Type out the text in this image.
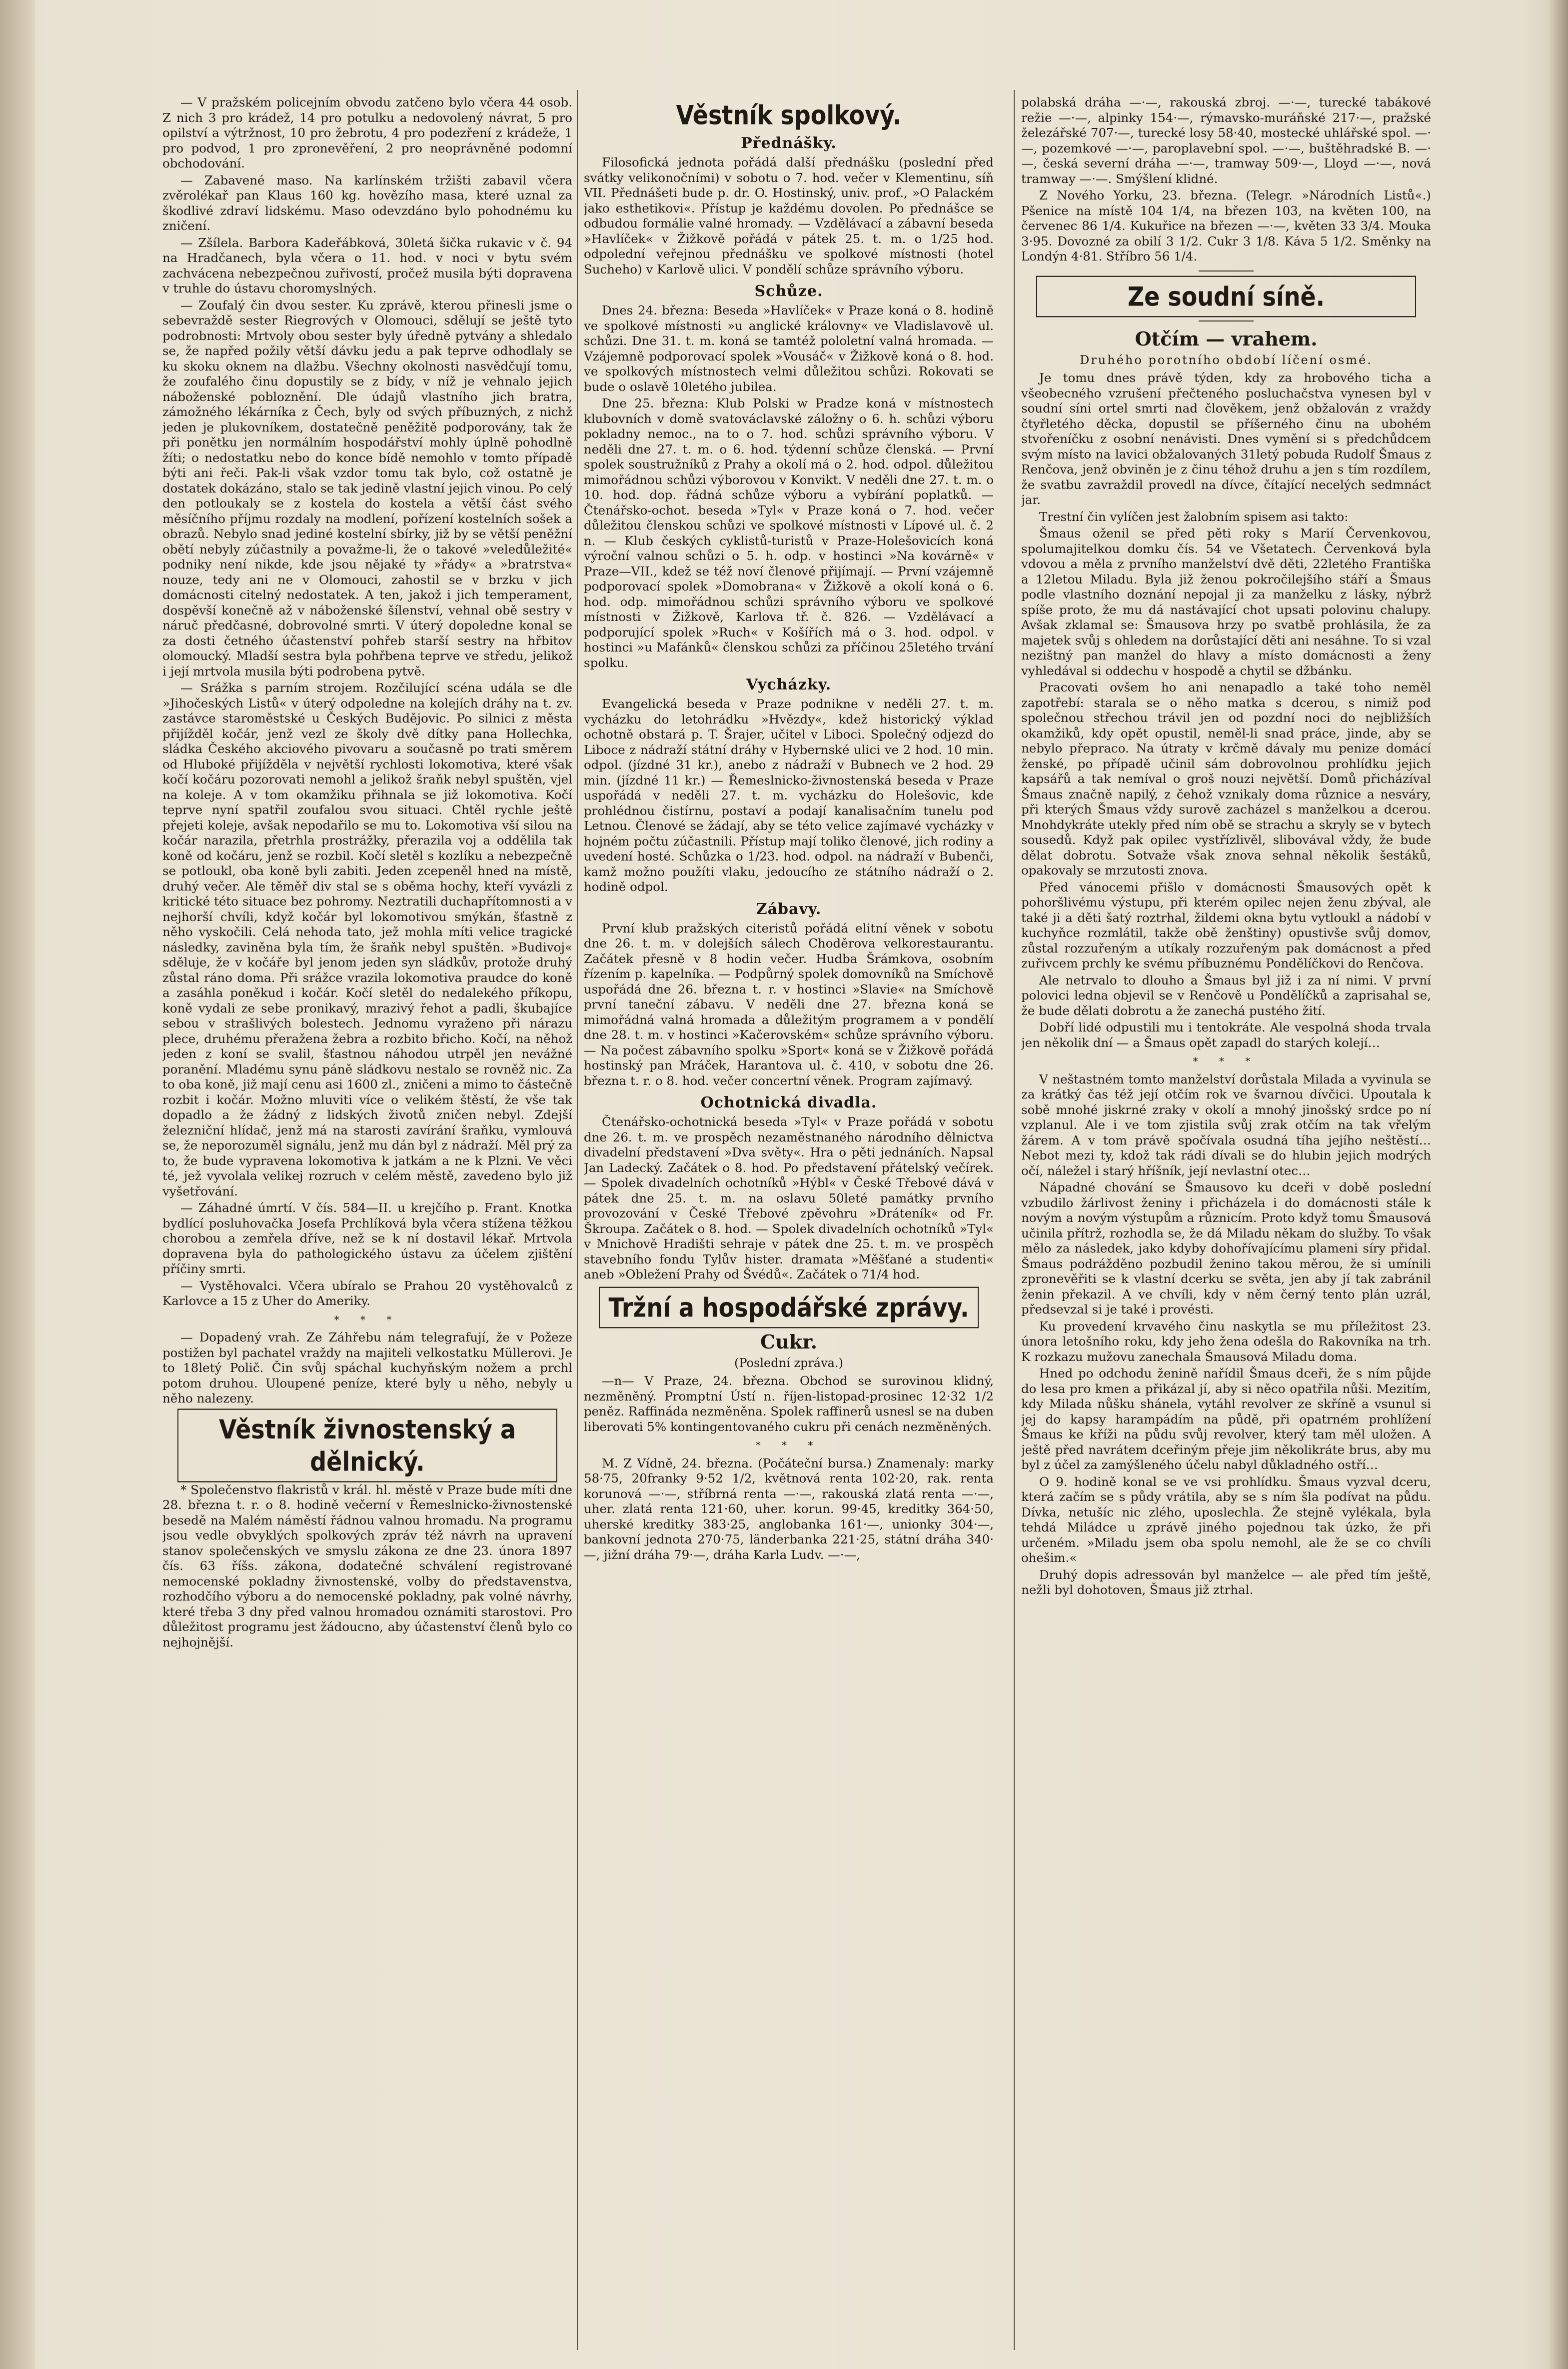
— V pražském policejním obvodu zatčeno bylo včera 44 osob. Z nich 3 pro krádež, 14 pro potulku a nedovolený návrat, 5 pro opilství a výtržnost, 10 pro žebrotu, 4 pro podezření z krádeže, 1 pro podvod, 1 pro zpronevěření, 2 pro neoprávněné podomní obchodování.

— Zabavené maso. Na karlínském tržišti zabavil včera zvěrolékař pan Klaus 160 kg. hovězího masa, které uznal za škodlivé zdraví lidskému. Maso odevzdáno bylo pohodnému ku zničení.

— Zšílela. Barbora Kadeřábková, 30letá šička rukavic v č. 94 na Hradčanech, byla včera o 11. hod. v noci v bytu svém zachvácena nebezpečnou zuřivostí, pročež musila býti dopravena v truhle do ústavu choromyslných.

— Zoufalý čin dvou sester. Ku zprávě, kterou přinesli jsme o sebevraždě sester Riegrových v Olomouci, sdělují se ještě tyto podrobnosti: Mrtvoly obou sester byly úředně pytvány a shledalo se, že napřed požily větší dávku jedu a pak teprve odhodlaly se ku skoku oknem na dlažbu. Všechny okolnosti nasvědčují tomu, že zoufalého činu dopustily se z bídy, v níž je vehnalo jejich náboženské pobloznění. Dle údajů vlastního jich bratra, zámožného lékárníka z Čech, byly od svých příbuzných, z nichž jeden je plukovníkem, dostatečně peněžitě podporovány, tak že při ponětku jen normálním hospodářství mohly úplně pohodlně žíti; o nedostatku nebo do konce bídě nemohlo v tomto případě býti ani řeči. Pak-li však vzdor tomu tak bylo, což ostatně je dostatek dokázáno, stalo se tak jedině vlastní jejich vinou. Po celý den potloukaly se z kostela do kostela a větší část svého měsíčního příjmu rozdaly na modlení, pořízení kostelních sošek a obrazů. Nebylo snad jediné kostelní sbírky, již by se větší peněžní obětí nebyly zúčastnily a považme-li, že o takové »veledůležité« podniky není nikde, kde jsou nějaké ty »řády« a »bratrstva« nouze, tedy ani ne v Olomouci, zahostil se v brzku v jich domácnosti citelný nedostatek. A ten, jakož i jich temperament, dospěvší konečně až v náboženské šílenství, vehnal obě sestry v náruč předčasné, dobrovolné smrti. V úterý dopoledne konal se za dosti četného účastenství pohřeb starší sestry na hřbitov olomoucký. Mladší sestra byla pohřbena teprve ve středu, jelikož i její mrtvola musila býti podrobena pytvě.

— Srážka s parním strojem. Rozčilující scéna udála se dle »Jihočeských Listů« v úterý odpoledne na kolejích dráhy na t. zv. zastávce staroměstské u Českých Budějovic. Po silnici z města přijížděl kočár, jenž vezl ze školy dvě dítky pana Hollechka, sládka Českého akciového pivovaru a současně po trati směrem od Hluboké přijížděla v největší rychlosti lokomotiva, které však kočí kočáru pozorovati nemohl a jelikož šraňk nebyl spuštěn, vjel na koleje. A v tom okamžiku přihnala se již lokomotiva. Kočí teprve nyní spatřil zoufalou svou situaci. Chtěl rychle ještě přejeti koleje, avšak nepodařilo se mu to. Lokomotiva vší silou na kočár narazila, přetrhla prostrážky, přerazila voj a oddělila tak koně od kočáru, jenž se rozbil. Kočí sletěl s kozlíku a nebezpečně se potloukl, oba koně byli zabiti. Jeden zcepeněl hned na místě, druhý večer. Ale těměř div stal se s oběma hochy, kteří vyvázli z kritické této situace bez pohromy. Neztratili duchapřítomnosti a v nejhorší chvíli, když kočár byl lokomotivou smýkán, šťastně z něho vyskočili. Celá nehoda tato, jež mohla míti velice tragické následky, zaviněna byla tím, že šraňk nebyl spuštěn. »Budivoj« sděluje, že v kočáře byl jenom jeden syn sládkův, protože druhý zůstal ráno doma. Při srážce vrazila lokomotiva praudce do koně a zasáhla poněkud i kočár. Kočí sletěl do nedalekého příkopu, koně vydali ze sebe pronikavý, mrazivý řehot a padli, škubajíce sebou v strašlivých bolestech. Jednomu vyraženo při nárazu plece, druhému přeražena žebra a rozbito břicho. Kočí, na něhož jeden z koní se svalil, šťastnou náhodou utrpěl jen nevážné poranění. Mladému synu páně sládkovu nestalo se rovněž nic. Za to oba koně, již mají cenu asi 1600 zl., zničeni a mimo to částečně rozbit i kočár. Možno mluviti více o velikém štěstí, že vše tak dopadlo a že žádný z lidských životů zničen nebyl. Zdejší železniční hlídač, jenž má na starosti zavírání šraňku, vymlouvá se, že neporozuměl signálu, jenž mu dán byl z nádraží. Měl prý za to, že bude vypravena lokomotiva k jatkám a ne k Plzni. Ve věci té, jež vyvolala velikej rozruch v celém městě, zavedeno bylo již vyšetřování.

— Záhadné úmrtí. V čís. 584—II. u krejčího p. Frant. Knotka bydlící posluhovačka Josefa Prchlíková byla včera stížena těžkou chorobou a zemřela dříve, než se k ní dostavil lékař. Mrtvola dopravena byla do pathologického ústavu za účelem zjištění příčiny smrti.

— Vystěhovalci. Včera ubíralo se Prahou 20 vystěhovalců z Karlovce a 15 z Uher do Ameriky.

* * *

— Dopadený vrah. Ze Záhřebu nám telegrafují, že v Požeze postižen byl pachatel vraždy na majiteli velkostatku Müllerovi. Je to 18letý Polič. Čin svůj spáchal kuchyňským nožem a prchl potom druhou. Uloupené peníze, které byly u něho, nebyly u něho nalezeny.

Věstník živnostenský a dělnický.

* Společenstvo flakristů v král. hl. městě v Praze bude míti dne 28. března t. r. o 8. hodině večerní v Řemeslnicko-živnostenské besedě na Malém náměstí řádnou valnou hromadu. Na programu jsou vedle obvyklých spolkových zpráv též návrh na upravení stanov společenských ve smyslu zákona ze dne 23. února 1897 čís. 63 říšs. zákona, dodatečné schválení registrované nemocenské pokladny živnostenské, volby do představenstva, rozhodčího výboru a do nemocenské pokladny, pak volné návrhy, které třeba 3 dny před valnou hromadou oznámiti starostovi. Pro důležitost programu jest žádoucno, aby účastenství členů bylo co nejhojnější.

Věstník spolkový.
Přednášky.

Filosofická jednota pořádá další přednášku (poslední před svátky velikonočními) v sobotu o 7. hod. večer v Klementinu, síň VII. Přednášeti bude p. dr. O. Hostinský, univ. prof., »O Palackém jako esthetikovi«. Přístup je každému dovolen. Po přednášce se odbudou formálie valné hromady. — Vzdělávací a zábavní beseda »Havlíček« v Žižkově pořádá v pátek 25. t. m. o 1/25 hod. odpolední veřejnou přednášku ve spolkové místnosti (hotel Sucheho) v Karlově ulici. V pondělí schůze správního výboru.

Schůze.

Dnes 24. března: Beseda »Havlíček« v Praze koná o 8. hodině ve spolkové místnosti »u anglické královny« ve Vladislavově ul. schůzi. Dne 31. t. m. koná se tamtéž pololetní valná hromada. — Vzájemně podporovací spolek »Vousáč« v Žižkově koná o 8. hod. ve spolkových místnostech velmi důležitou schůzi. Rokovati se bude o oslavě 10letého jubilea.

Dne 25. března: Klub Polski w Pradze koná v místnostech klubovních v domě svatováclavské záložny o 6. h. schůzi výboru pokladny nemoc., na to o 7. hod. schůzi správního výboru. V neděli dne 27. t. m. o 6. hod. týdenní schůze členská. — První spolek soustružníků z Prahy a okolí má o 2. hod. odpol. důležitou mimořádnou schůzi výborovou v Konvikt. V neděli dne 27. t. m. o 10. hod. dop. řádná schůze výboru a vybírání poplatků. — Čtenářsko-ochot. beseda »Tyl« v Praze koná o 7. hod. večer důležitou členskou schůzi ve spolkové místnosti v Lípové ul. č. 2 n. — Klub českých cyklistů-turistů v Praze-Holešovicích koná výroční valnou schůzi o 5. h. odp. v hostinci »Na kovárně« v Praze—VII., kdež se též noví členové přijímají. — První vzájemně podporovací spolek »Domobrana« v Žižkově a okolí koná o 6. hod. odp. mimořádnou schůzi správního výboru ve spolkové místnosti v Žižkově, Karlova tř. č. 826. — Vzdělávací a podporující spolek »Ruch« v Košířích má o 3. hod. odpol. v hostinci »u Mafánků« členskou schůzi za příčinou 25letého trvání spolku.

Vycházky.

Evangelická beseda v Praze podnikne v neděli 27. t. m. vycházku do letohrádku »Hvězdy«, kdež historický výklad ochotně obstará p. T. Šrajer, učitel v Liboci. Společný odjezd do Liboce z nádraží státní dráhy v Hybernské ulici ve 2 hod. 10 min. odpol. (jízdné 31 kr.), anebo z nádraží v Bubnech ve 2 hod. 29 min. (jízdné 11 kr.) — Řemeslnicko-živnostenská beseda v Praze uspořádá v neděli 27. t. m. vycházku do Holešovic, kde prohlédnou čistírnu, postaví a podají kanalisačním tunelu pod Letnou. Členové se žádají, aby se této velice zajímavé vycházky v hojném počtu zúčastnili. Přístup mají toliko členové, jich rodiny a uvedení hosté. Schůzka o 1/23. hod. odpol. na nádraží v Bubenči, kamž možno použíti vlaku, jedoucího ze státního nádraží o 2. hodině odpol.

Zábavy.

První klub pražských citeristů pořádá elitní věnek v sobotu dne 26. t. m. v dolejších sálech Choděrova velkorestaurantu. Začátek přesně v 8 hodin večer. Hudba Šrámkova, osobním řízením p. kapelníka. — Podpůrný spolek domovníků na Smíchově uspořádá dne 26. března t. r. v hostinci »Slavie« na Smíchově první taneční zábavu. V neděli dne 27. března koná se mimořádná valná hromada a důležitým programem a v pondělí dne 28. t. m. v hostinci »Kačerovském« schůze správního výboru. — Na počest zábavního spolku »Sport« koná se v Žižkově pořádá hostinský pan Mráček, Harantova ul. č. 410, v sobotu dne 26. března t. r. o 8. hod. večer concertní věnek. Program zajímavý.

Ochotnická divadla.

Čtenářsko-ochotnická beseda »Tyl« v Praze pořádá v sobotu dne 26. t. m. ve prospěch nezaměstnaného národního dělnictva divadelní představení »Dva světy«. Hra o pěti jednáních. Napsal Jan Ladecký. Začátek o 8. hod. Po představení přátelský večírek. — Spolek divadelních ochotníků »Hýbl« v České Třebové dává v pátek dne 25. t. m. na oslavu 50leté památky prvního provozování v České Třebové zpěvohru »Dráteník« od Fr. Škroupa. Začátek o 8. hod. — Spolek divadelních ochotníků »Tyl« v Mnichově Hradišti sehraje v pátek dne 25. t. m. ve prospěch stavebního fondu Tylův hister. dramata »Měšťané a studenti« aneb »Obležení Prahy od Švédů«. Začátek o 71/4 hod.

Tržní a hospodářské zprávy.
Cukr.
(Poslední zpráva.)

—n— V Praze, 24. března. Obchod se surovinou klidný, nezměněný. Promptní Ústí n. říjen-listopad-prosinec 12·32 1/2 peněz. Raffináda nezměněna. Spolek raffinerů usnesl se na duben liberovati 5% kontingentovaného cukru při cenách nezměněných.

* * *

M. Z Vídně, 24. března. (Počáteční bursa.) Znamenaly: marky 58·75, 20franky 9·52 1/2, květnová renta 102·20, rak. renta korunová —·—, stříbrná renta —·—, rakouská zlatá renta —·—, uher. zlatá renta 121·60, uher. korun. 99·45, kreditky 364·50, uherské kreditky 383·25, anglobanka 161·—, unionky 304·—, bankovní jednota 270·75, länderbanka 221·25, státní dráha 340·—, jižní dráha 79·—, dráha Karla Ludv. —·—,

polabská dráha —·—, rakouská zbroj. —·—, turecké tabákové režie —·—, alpinky 154·—, rýmavsko-muráňské 217·—, pražské železářské 707·—, turecké losy 58·40, mostecké uhlářské spol. —·—, pozemkové —·—, paroplavební spol. —·—, buštěhradské B. —·—, česká severní dráha —·—, tramway 509·—, Lloyd —·—, nová tramway —·—. Smýšlení klidné.

Z Nového Yorku, 23. března. (Telegr. »Národních Listů«.) Pšenice na místě 104 1/4, na březen 103, na květen 100, na červenec 86 1/4. Kukuřice na březen —·—, květen 33 3/4. Mouka 3·95. Dovozné za obilí 3 1/2. Cukr 3 1/8. Káva 5 1/2. Směnky na Londýn 4·81. Stříbro 56 1/4.

Ze soudní síně.
Otčím — vrahem.
Druhého porotního období líčení osmé.

Je tomu dnes právě týden, kdy za hrobového ticha a všeobecného vzrušení přečteného posluchačstva vynesen byl v soudní síni ortel smrti nad člověkem, jenž obžalován z vraždy čtyřletého děcka, dopustil se příšerného činu na ubohém stvořeníčku z osobní nenávisti. Dnes vymění si s předchůdcem svým místo na lavici obžalovaných 31letý pobuda Rudolf Šmaus z Renčova, jenž obviněn je z činu téhož druhu a jen s tím rozdílem, že svatbu zavraždil provedl na dívce, čítající necelých sedmnáct jar.

Trestní čin vylíčen jest žalobním spisem asi takto:

Šmaus oženil se před pěti roky s Marií Červenkovou, spolumajitelkou domku čís. 54 ve Všetatech. Červenková byla vdovou a měla z prvního manželství dvě děti, 22letého Františka a 12letou Miladu. Byla již ženou pokročilejšího stáří a Šmaus podle vlastního doznání nepojal ji za manželku z lásky, nýbrž spíše proto, že mu dá nastávající chot upsati polovinu chalupy. Avšak zklamal se: Šmausova hrzy po svatbě prohlásila, že za majetek svůj s ohledem na dorůstající děti ani nesáhne. To si vzal nezištný pan manžel do hlavy a místo domácnosti a ženy vyhledával si oddechu v hospodě a chytil se džbánku.

Pracovati ovšem ho ani nenapadlo a také toho neměl zapotřebí: starala se o něho matka s dcerou, s nimiž pod společnou střechou trávil jen od pozdní noci do nejbližších okamžiků, kdy opět opustil, neměl-li snad práce, jinde, aby se nebylo přepraco. Na útraty v krčmě dávaly mu penize domácí ženské, po případě učinil sám dobrovolnou prohlídku jejich kapsářů a tak nemíval o groš nouzi největší. Domů přicházíval Šmaus značně napilý, z čehož vznikaly doma různice a nesváry, při kterých Šmaus vždy surově zacházel s manželkou a dcerou. Mnohdykráte utekly před ním obě se strachu a skryly se v bytech sousedů. Když pak opilec vystřízlivěl, slibovával vždy, že bude dělat dobrotu. Sotvaže však znova sehnal několik šestáků, opakovaly se mrzutosti znova.

Před vánocemi přišlo v domácnosti Šmausových opět k pohoršlivému výstupu, při kterém opilec nejen ženu zbýval, ale také ji a děti šatý roztrhal, žildemi okna bytu vytloukl a nádobí v kuchyňce rozmlátil, takže obě ženštiny) opustivše svůj domov, zůstal rozzuřeným a utíkaly rozzuřeným pak domácnost a před zuřivcem prchly ke svému příbuznému Pondělíčkovi do Renčova.

Ale netrvalo to dlouho a Šmaus byl již i za ní nimi. V první polovici ledna objevil se v Renčově u Pondělíčků a zaprisahal se, že bude dělati dobrotu a že zanechá pustého žití.

Dobří lidé odpustili mu i tentokráte. Ale vespolná shoda trvala jen několik dní — a Šmaus opět zapadl do starých kolejí…

* * *

V neštastném tomto manželství dorůstala Milada a vyvinula se za krátký čas též její otčím rok ve švarnou dívčici. Upoutala k sobě mnohé jiskrné zraky v okolí a mnohý jinošský srdce po ní vzplanul. Ale i ve tom zjistila svůj zrak otčím na tak vřelým žárem. A v tom právě spočívala osudná tíha jejího neštěstí… Nebot mezi ty, kdož tak rádi dívali se do hlubin jejich modrých očí, náležel i starý hříšník, její nevlastní otec…

Nápadné chování se Šmausovo ku dceři v době poslední vzbudilo žárlivost ženiny i přicházela i do domácnosti stále k novým a novým výstupům a různicím. Proto když tomu Šmausová učinila přítrž, rozhodla se, že dá Miladu někam do služby. To však mělo za následek, jako kdyby dohořívajícímu plameni síry přidal. Šmaus podrážděno pozbudil ženino takou měrou, že si umínili zpronevěřiti se k vlastní dcerku se světa, jen aby jí tak zabránil ženin překazil. A ve chvíli, kdy v něm černý tento plán uzrál, předsevzal si je také i provésti.

Ku provedení krvavého činu naskytla se mu příležitost 23. února letošního roku, kdy jeho žena odešla do Rakovníka na trh. K rozkazu mužovu zanechala Šmausová Miladu doma.

Hned po odchodu ženině nařídil Šmaus dceři, že s ním půjde do lesa pro kmen a přikázal jí, aby si něco opatřila nůši. Mezitím, kdy Milada nůšku shánela, vytáhl revolver ze skříně a vsunul si jej do kapsy harampádím na půdě, při opatrném prohlížení Šmaus ke kříži na půdu svůj revolver, který tam měl uložen. A ještě před navrátem dceřiným přeje jim několikráte brus, aby mu byl z účel za zamýšleného účelu nabyl důkladného ostří…

O 9. hodině konal se ve vsi prohlídku. Šmaus vyzval dceru, která začím se s půdy vrátila, aby se s ním šla podívat na půdu. Dívka, netušíc nic zlého, uposlechla. Že stejně vylékala, byla tehdá Miládce u zprávě jiného pojednou tak úzko, že při určeném. »Miladu jsem oba spolu nemohl, ale že se co chvíli ohešim.«

Druhý dopis adressován byl manželce — ale před tím ještě, nežli byl dohotoven, Šmaus již ztrhal.
